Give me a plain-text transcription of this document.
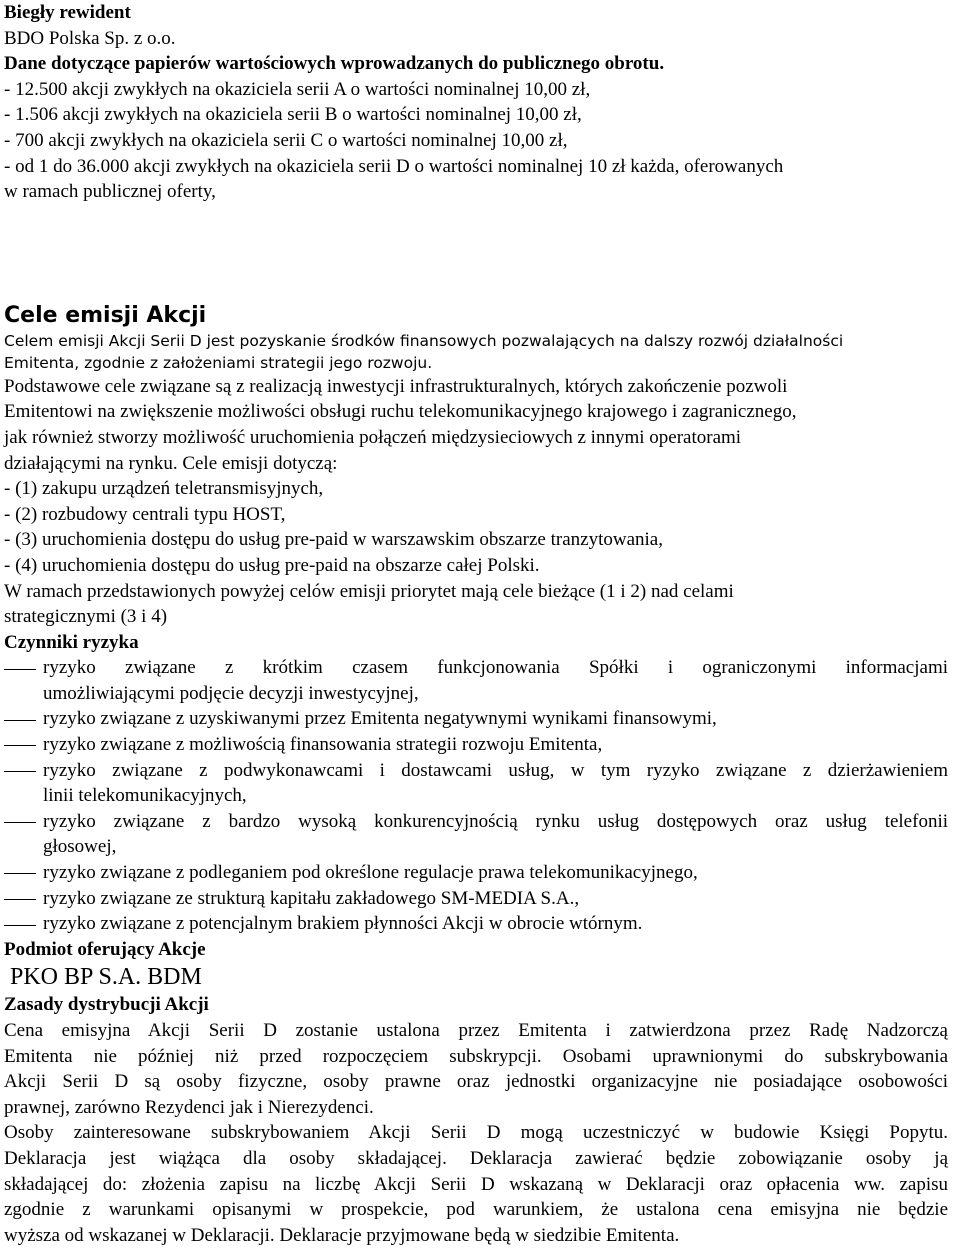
Biegły rewident
BDO Polska Sp. z o.o.
Dane dotyczące papierów wartościowych wprowadzanych do publicznego obrotu.
- 12.500 akcji zwykłych na okaziciela serii A o wartości nominalnej 10,00 zł,
- 1.506 akcji zwykłych na okaziciela serii B o wartości nominalnej 10,00 zł,
- 700 akcji zwykłych na okaziciela serii C o wartości nominalnej 10,00 zł,
- od 1 do 36.000 akcji zwykłych na okaziciela serii D o wartości nominalnej 10 zł każda, oferowanych
w ramach publicznej oferty,
Cele emisji Akcji
Celem emisji Akcji Serii D jest pozyskanie środków finansowych pozwalających na dalszy rozwój działalności
Emitenta, zgodnie z założeniami strategii jego rozwoju.
Podstawowe cele związane są z realizacją inwestycji infrastrukturalnych, których zakończenie pozwoli
Emitentowi na zwiększenie możliwości obsługi ruchu telekomunikacyjnego krajowego i zagranicznego,
jak również stworzy możliwość uruchomienia połączeń międzysieciowych z innymi operatorami
działającymi na rynku. Cele emisji dotyczą:
- (1) zakupu urządzeń teletransmisyjnych,
- (2) rozbudowy centrali typu HOST,
- (3) uruchomienia dostępu do usług pre-paid w warszawskim obszarze tranzytowania,
- (4) uruchomienia dostępu do usług pre-paid na obszarze całej Polski.
W ramach przedstawionych powyżej celów emisji priorytet mają cele bieżące (1 i 2) nad celami
strategicznymi (3 i 4)
Czynniki ryzyka
ryzyko związane z krótkim czasem funkcjonowania Spółki i ograniczonymi informacjami
umożliwiającymi podjęcie decyzji inwestycyjnej,
ryzyko związane z uzyskiwanymi przez Emitenta negatywnymi wynikami finansowymi,
ryzyko związane z możliwością finansowania strategii rozwoju Emitenta,
ryzyko związane z podwykonawcami i dostawcami usług, w tym ryzyko związane z dzierżawieniem
linii telekomunikacyjnych,
ryzyko związane z bardzo wysoką konkurencyjnością rynku usług dostępowych oraz usług telefonii
głosowej,
ryzyko związane z podleganiem pod określone regulacje prawa telekomunikacyjnego,
ryzyko związane ze strukturą kapitału zakładowego SM-MEDIA S.A.,
ryzyko związane z potencjalnym brakiem płynności Akcji w obrocie wtórnym.
Podmiot oferujący Akcje
PKO BP S.A. BDM
Zasady dystrybucji Akcji
Cena emisyjna Akcji Serii D zostanie ustalona przez Emitenta i zatwierdzona przez Radę Nadzorczą
Emitenta nie później niż przed rozpoczęciem subskrypcji. Osobami uprawnionymi do subskrybowania
Akcji Serii D są osoby fizyczne, osoby prawne oraz jednostki organizacyjne nie posiadające osobowości
prawnej, zarówno Rezydenci jak i Nierezydenci.
Osoby zainteresowane subskrybowaniem Akcji Serii D mogą uczestniczyć w budowie Księgi Popytu.
Deklaracja jest wiążąca dla osoby składającej. Deklaracja zawierać będzie zobowiązanie osoby ją
składającej do: złożenia zapisu na liczbę Akcji Serii D wskazaną w Deklaracji oraz opłacenia ww. zapisu
zgodnie z warunkami opisanymi w prospekcie, pod warunkiem, że ustalona cena emisyjna nie będzie
wyższa od wskazanej w Deklaracji. Deklaracje przyjmowane będą w siedzibie Emitenta.
